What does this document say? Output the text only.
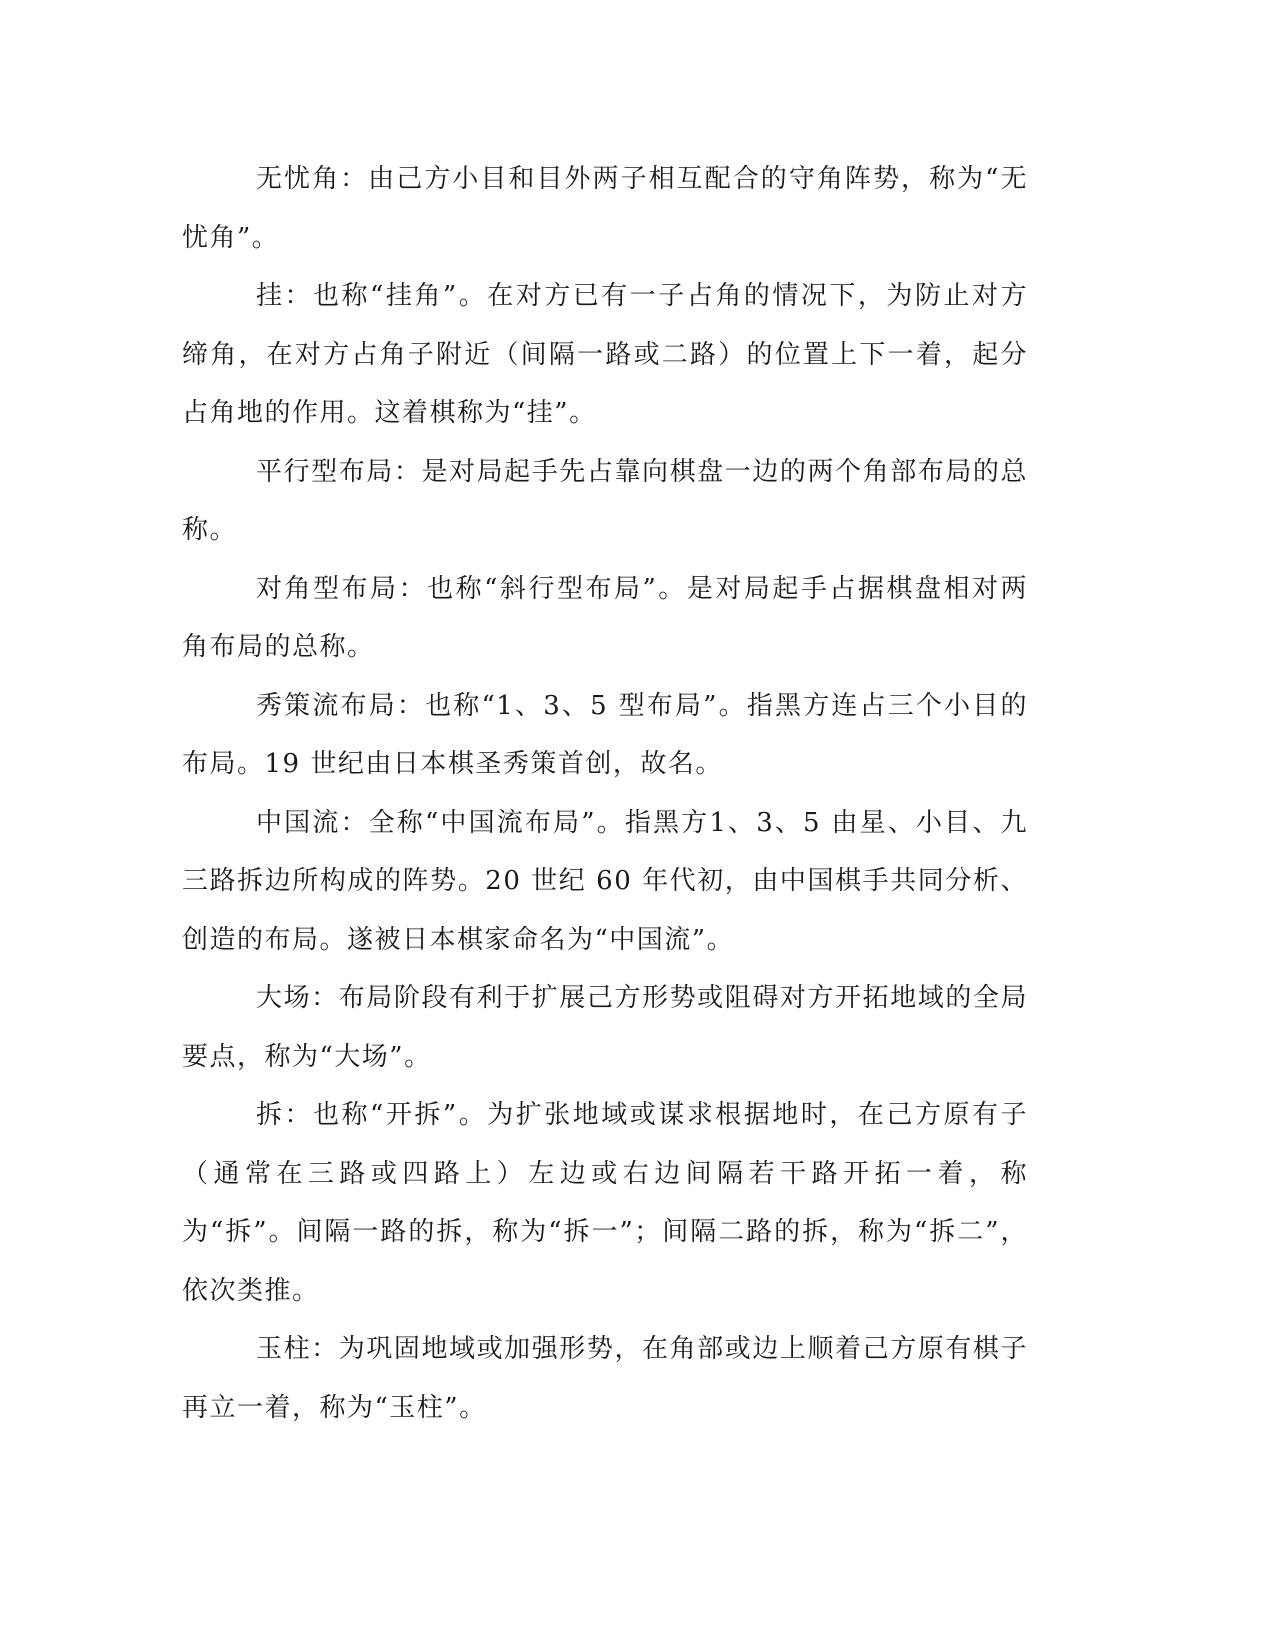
无忧角：由己方小目和目外两子相互配合的守角阵势，称为“无忧角”。

挂：也称“挂角”。在对方已有一子占角的情况下，为防止对方缔角，在对方占角子附近（间隔一路或二路）的位置上下一着，起分占角地的作用。这着棋称为“挂”。

平行型布局：是对局起手先占靠向棋盘一边的两个角部布局的总称。

对角型布局：也称“斜行型布局”。是对局起手占据棋盘相对两角布局的总称。

秀策流布局：也称“1、3、5 型布局”。指黑方连占三个小目的布局。19 世纪由日本棋圣秀策首创，故名。

中国流：全称“中国流布局”。指黑方1、3、5 由星、小目、九三路拆边所构成的阵势。20 世纪 60 年代初，由中国棋手共同分析、创造的布局。遂被日本棋家命名为“中国流”。

大场：布局阶段有利于扩展己方形势或阻碍对方开拓地域的全局要点，称为“大场”。

拆：也称“开拆”。为扩张地域或谋求根据地时，在己方原有子（通常在三路或四路上）左边或右边间隔若干路开拓一着，称为“拆”。间隔一路的拆，称为“拆一”；间隔二路的拆，称为“拆二”，依次类推。

玉柱：为巩固地域或加强形势，在角部或边上顺着己方原有棋子再立一着，称为“玉柱”。
